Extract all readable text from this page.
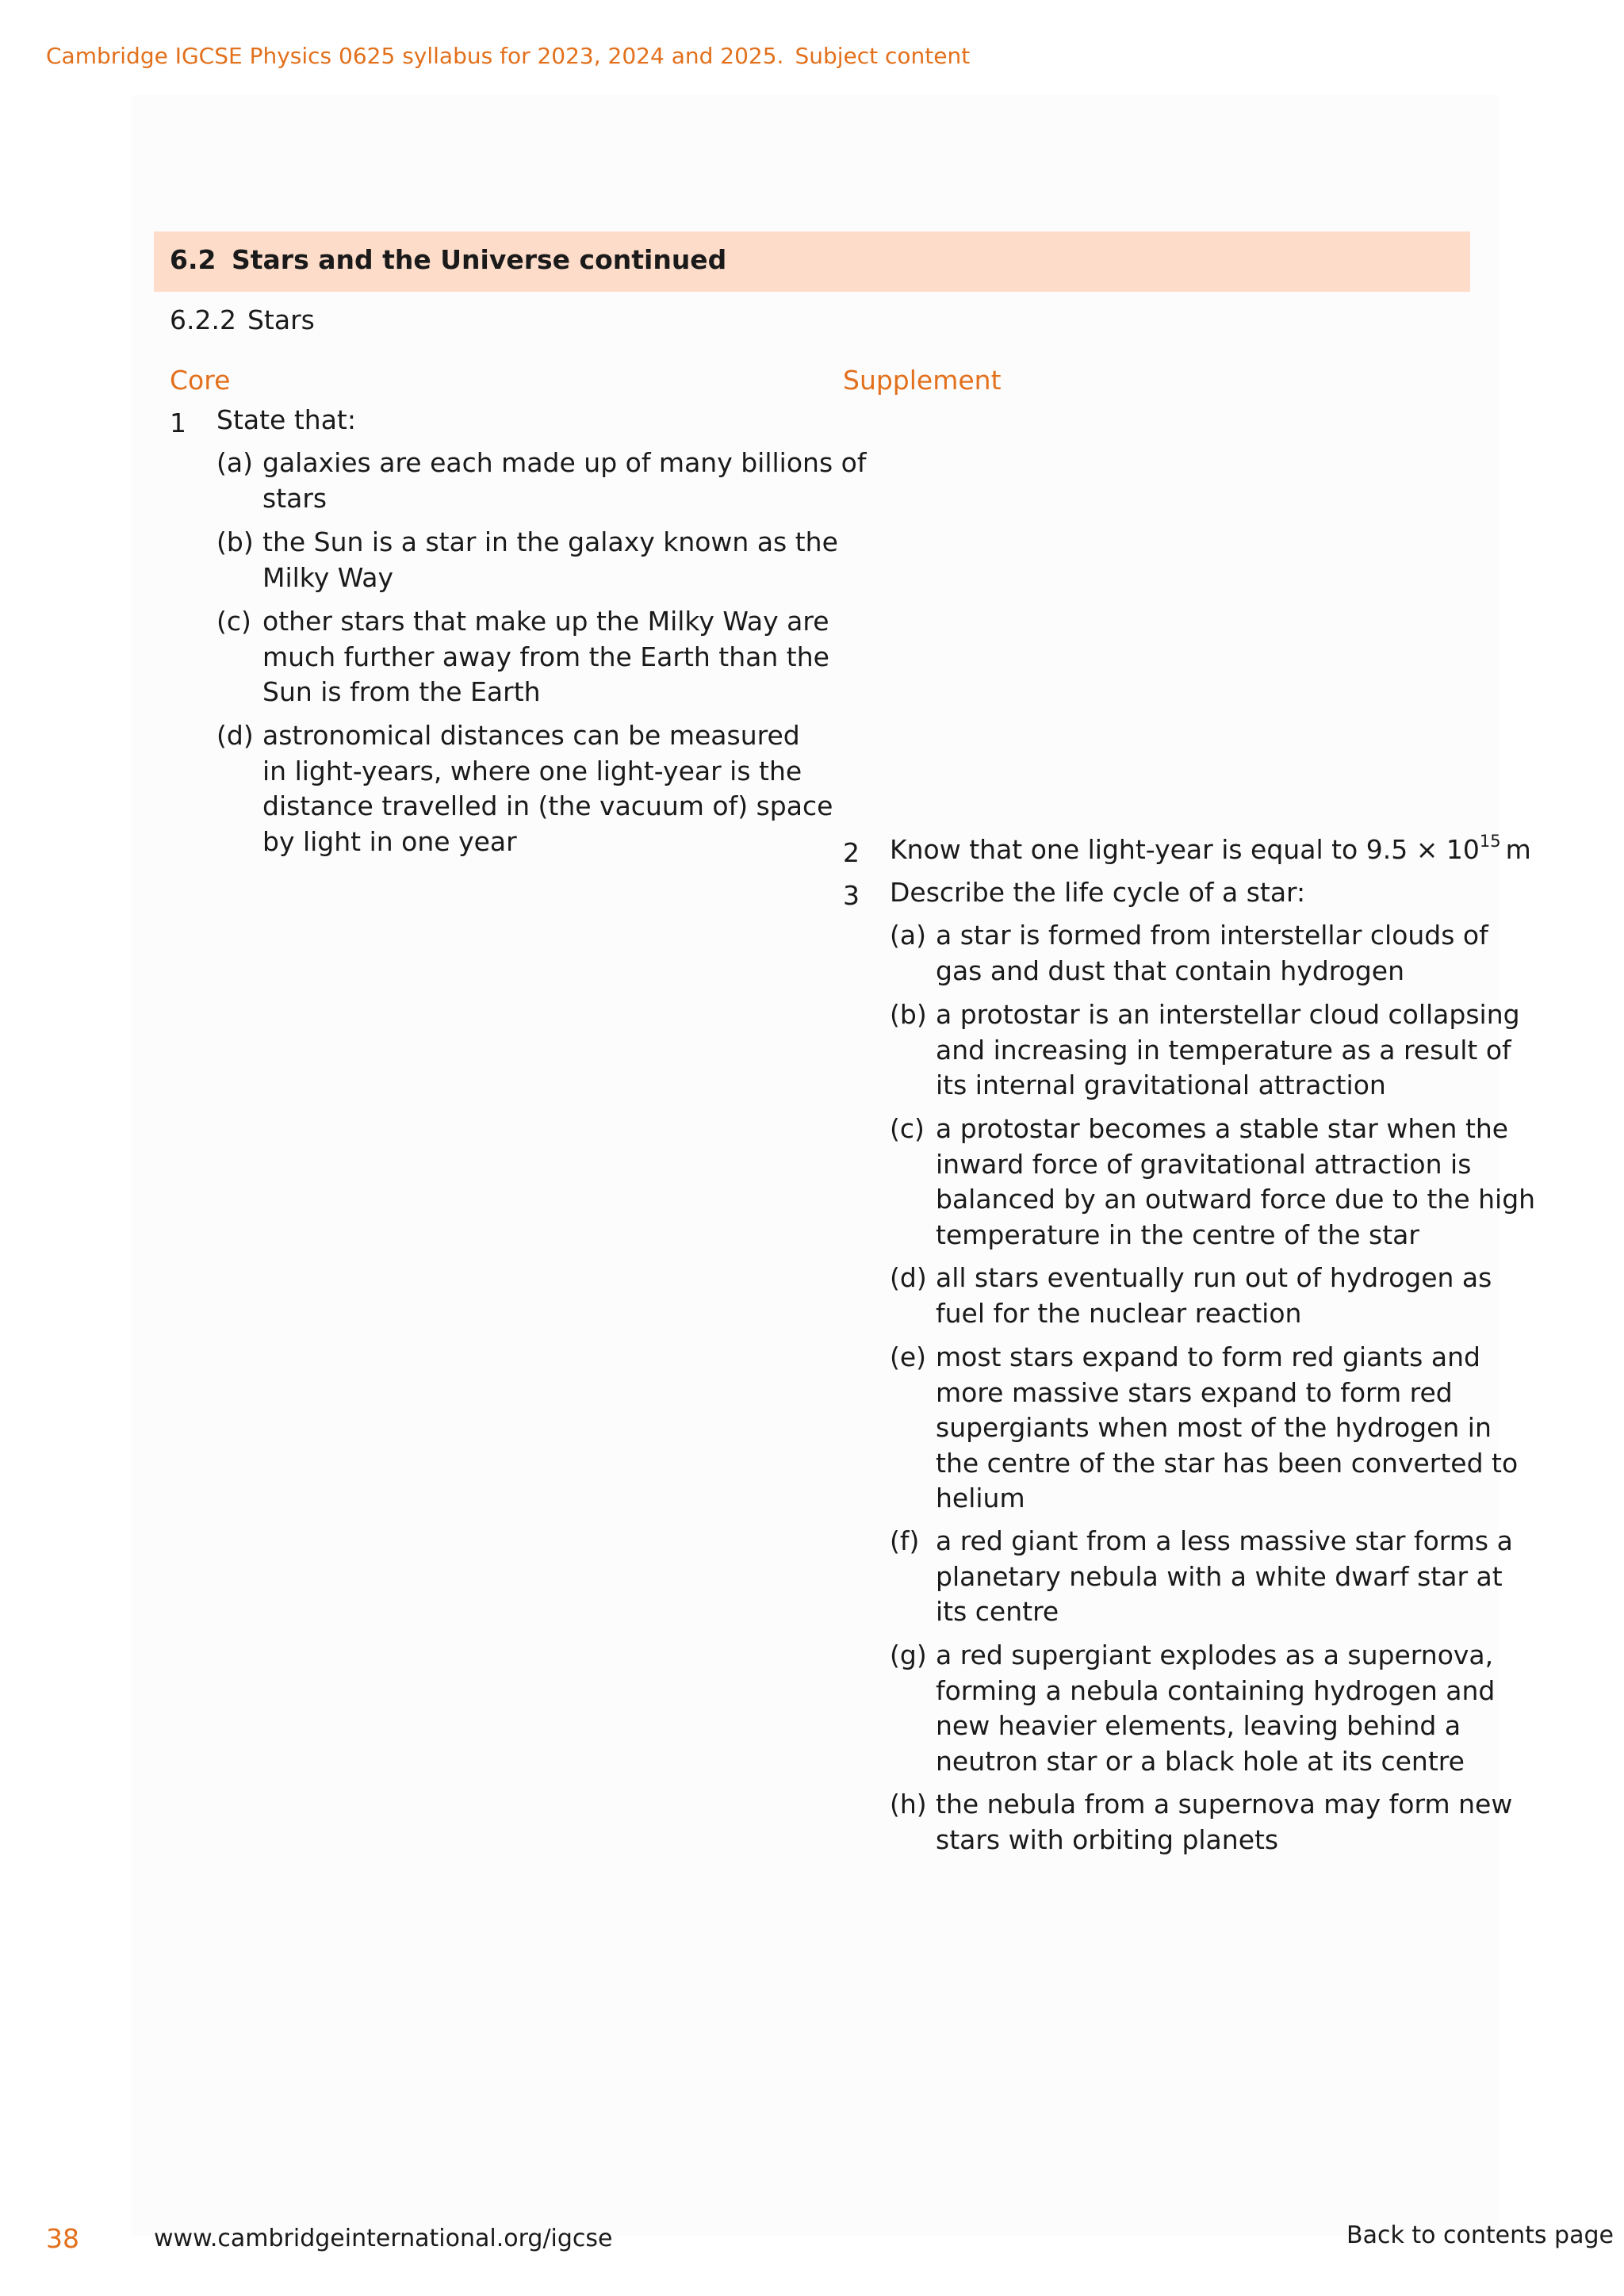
Cambridge IGCSE Physics 0625 syllabus for 2023, 2024 and 2025. Subject content
6.2 Stars and the Universe continued
6.2.2 Stars
Core	Supplement
1 State that:
(a) galaxies are each made up of many billions of
stars
(b) the Sun is a star in the galaxy known as the
Milky Way
(c) other stars that make up the Milky Way are
much further away from the Earth than the
Sun is from the Earth
(d) astronomical distances can be measured
in light-years, where one light-year is the
distance travelled in (the vacuum of) space
by light in one year	2 Know that one light-year is equal to $9.5 \times 10^{15}$ m
3 Describe the life cycle of a star:
(a) a star is formed from interstellar clouds of
gas and dust that contain hydrogen
(b) a protostar is an interstellar cloud collapsing
and increasing in temperature as a result of
its internal gravitational attraction
(c) a protostar becomes a stable star when the
inward force of gravitational attraction is
balanced by an outward force due to the high
temperature in the centre of the star
(d) all stars eventually run out of hydrogen as
fuel for the nuclear reaction
(e) most stars expand to form red giants and
more massive stars expand to form red
supergiants when most of the hydrogen in
the centre of the star has been converted to
helium
(f) a red giant from a less massive star forms a
planetary nebula with a white dwarf star at
its centre
(g) a red supergiant explodes as a supernova,
forming a nebula containing hydrogen and
new heavier elements, leaving behind a
neutron star or a black hole at its centre
(h) the nebula from a supernova may form new
stars with orbiting planets
38	www.cambridgeinternational.org/igcse	Back to contents page
